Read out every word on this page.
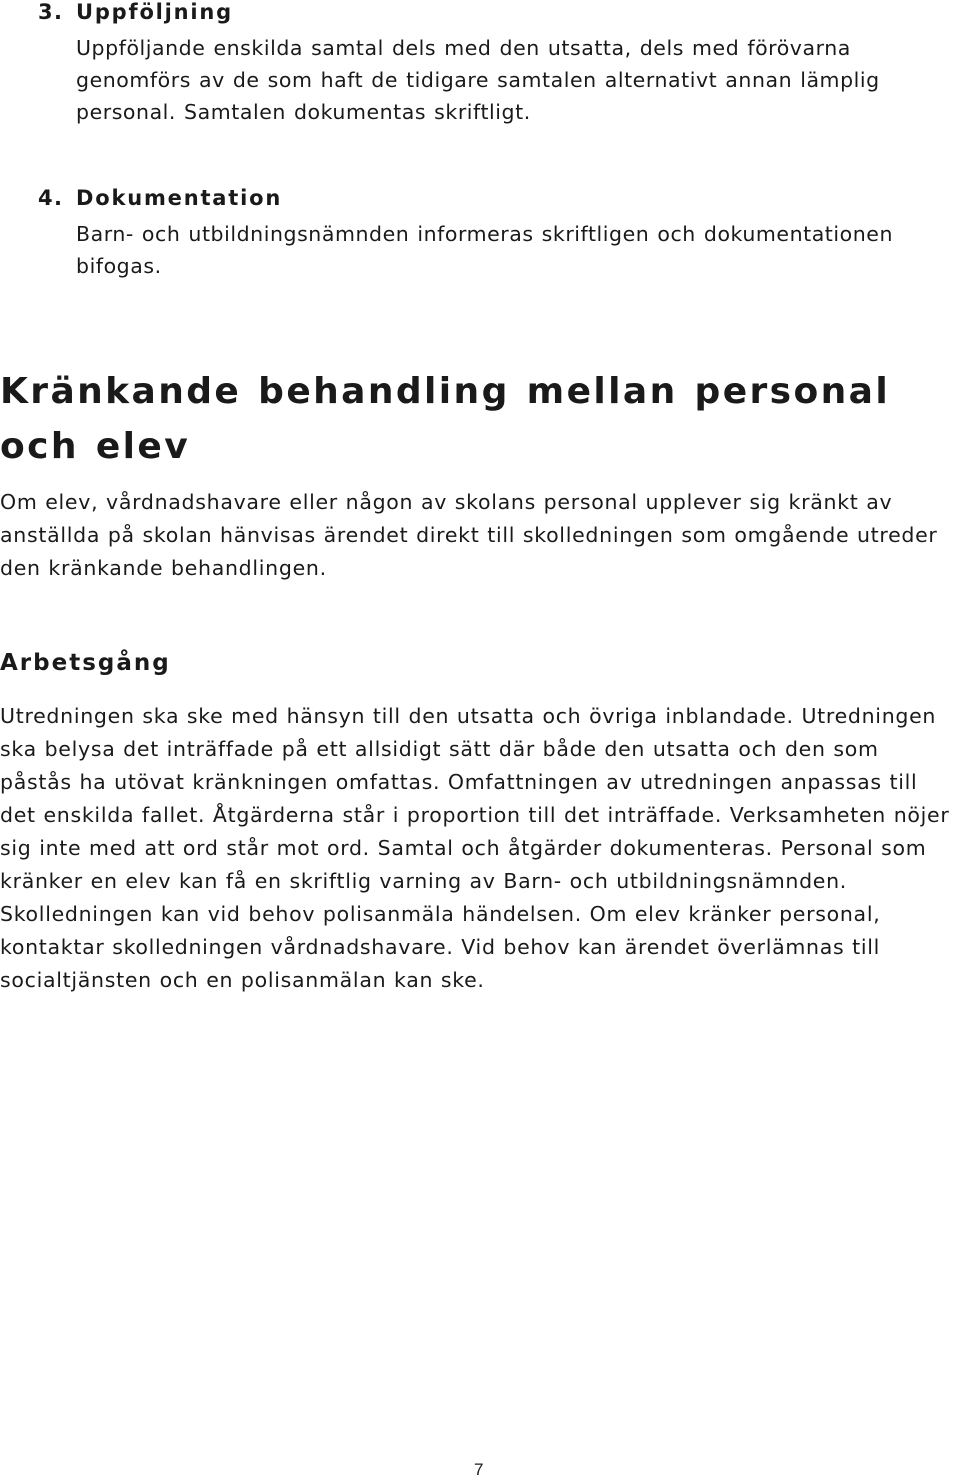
3. Uppföljning
Uppföljande enskilda samtal dels med den utsatta, dels med förövarna genomförs av de som haft de tidigare samtalen alternativt annan lämplig personal. Samtalen dokumentas skriftligt.
4. Dokumentation
Barn- och utbildningsnämnden informeras skriftligen och dokumentationen bifogas.
Kränkande behandling mellan personal och elev

Om elev, vårdnadshavare eller någon av skolans personal upplever sig kränkt av anställda på skolan hänvisas ärendet direkt till skolledningen som omgående utreder den kränkande behandlingen.

Arbetsgång

Utredningen ska ske med hänsyn till den utsatta och övriga inblandade. Utredningen ska belysa det inträffade på ett allsidigt sätt där både den utsatta och den som påstås ha utövat kränkningen omfattas. Omfattningen av utredningen anpassas till det enskilda fallet. Åtgärderna står i proportion till det inträffade. Verksamheten nöjer sig inte med att ord står mot ord. Samtal och åtgärder dokumenteras. Personal som kränker en elev kan få en skriftlig varning av Barn- och utbildningsnämnden. Skolledningen kan vid behov polisanmäla händelsen. Om elev kränker personal, kontaktar skolledningen vårdnadshavare. Vid behov kan ärendet överlämnas till socialtjänsten och en polisanmälan kan ske.

7
